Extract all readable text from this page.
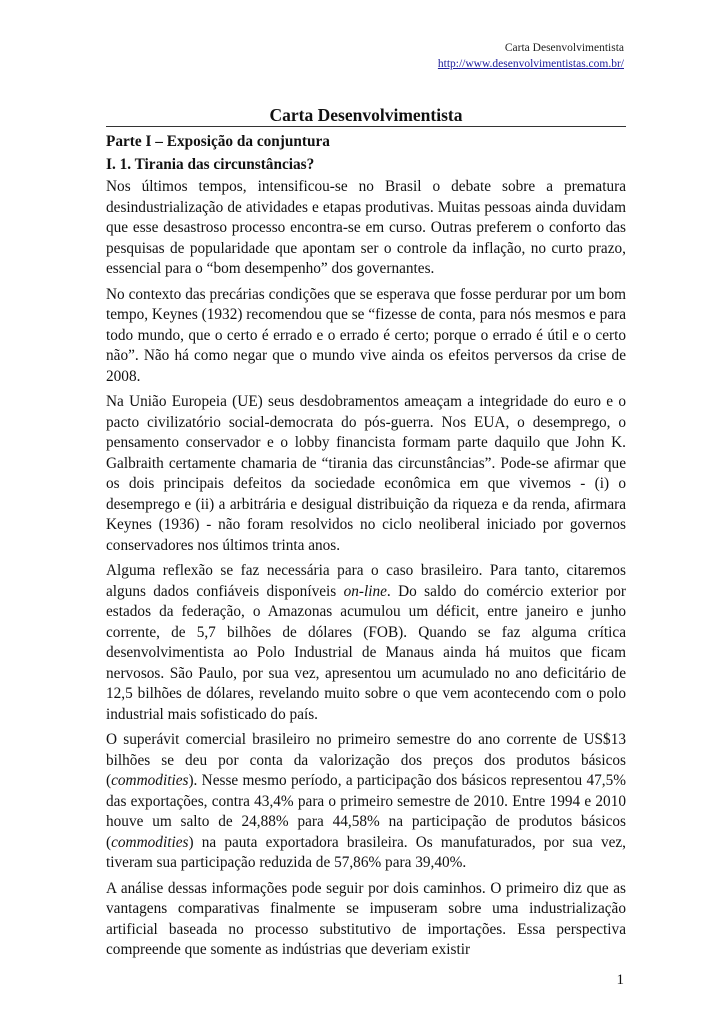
Carta Desenvolvimentista
http://www.desenvolvimentistas.com.br/
Carta Desenvolvimentista
Parte I – Exposição da conjuntura
I. 1. Tirania das circunstâncias?

Nos últimos tempos, intensificou-se no Brasil o debate sobre a prematura desindustrialização de atividades e etapas produtivas. Muitas pessoas ainda duvidam que esse desastroso processo encontra-se em curso. Outras preferem o conforto das pesquisas de popularidade que apontam ser o controle da inflação, no curto prazo, essencial para o “bom desempenho” dos governantes.

No contexto das precárias condições que se esperava que fosse perdurar por um bom tempo, Keynes (1932) recomendou que se “fizesse de conta, para nós mesmos e para todo mundo, que o certo é errado e o errado é certo; porque o errado é útil e o certo não”. Não há como negar que o mundo vive ainda os efeitos perversos da crise de 2008.

Na União Europeia (UE) seus desdobramentos ameaçam a integridade do euro e o pacto civilizatório social-democrata do pós-guerra. Nos EUA, o desemprego, o pensamento conservador e o lobby financista formam parte daquilo que John K. Galbraith certamente chamaria de “tirania das circunstâncias”. Pode-se afirmar que os dois principais defeitos da sociedade econômica em que vivemos - (i) o desemprego e (ii) a arbitrária e desigual distribuição da riqueza e da renda, afirmara Keynes (1936) - não foram resolvidos no ciclo neoliberal iniciado por governos conservadores nos últimos trinta anos.

Alguma reflexão se faz necessária para o caso brasileiro. Para tanto, citaremos alguns dados confiáveis disponíveis on-line. Do saldo do comércio exterior por estados da federação, o Amazonas acumulou um déficit, entre janeiro e junho corrente, de 5,7 bilhões de dólares (FOB). Quando se faz alguma crítica desenvolvimentista ao Polo Industrial de Manaus ainda há muitos que ficam nervosos. São Paulo, por sua vez, apresentou um acumulado no ano deficitário de 12,5 bilhões de dólares, revelando muito sobre o que vem acontecendo com o polo industrial mais sofisticado do país.

O superávit comercial brasileiro no primeiro semestre do ano corrente de US$13 bilhões se deu por conta da valorização dos preços dos produtos básicos (commodities). Nesse mesmo período, a participação dos básicos representou 47,5% das exportações, contra 43,4% para o primeiro semestre de 2010. Entre 1994 e 2010 houve um salto de 24,88% para 44,58% na participação de produtos básicos (commodities) na pauta exportadora brasileira. Os manufaturados, por sua vez, tiveram sua participação reduzida de 57,86% para 39,40%.

A análise dessas informações pode seguir por dois caminhos. O primeiro diz que as vantagens comparativas finalmente se impuseram sobre uma industrialização artificial baseada no processo substitutivo de importações. Essa perspectiva compreende que somente as indústrias que deveriam existir

1
